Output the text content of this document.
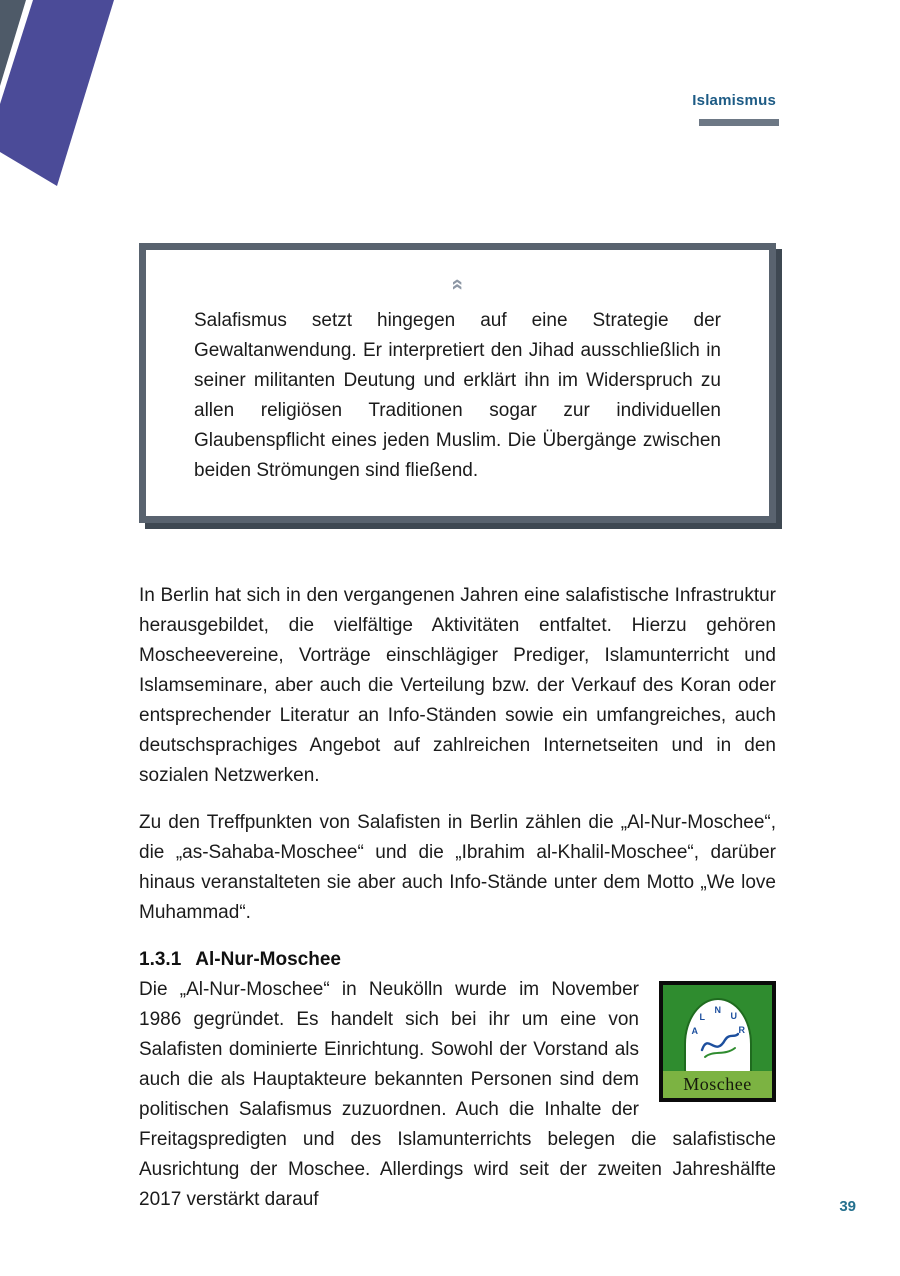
Islamismus
«

Salafismus setzt hingegen auf eine Strategie der Gewaltanwendung. Er interpretiert den Jihad ausschließlich in seiner militanten Deutung und erklärt ihn im Widerspruch zu allen religiösen Traditionen sogar zur individuellen Glaubenspflicht eines jeden Muslim. Die Übergänge zwischen beiden Strömungen sind fließend.

In Berlin hat sich in den vergangenen Jahren eine salafistische Infrastruktur herausgebildet, die vielfältige Aktivitäten entfaltet. Hierzu gehören Moscheevereine, Vorträge einschlägiger Prediger, Islamunterricht und Islamseminare, aber auch die Verteilung bzw. der Verkauf des Koran oder entsprechender Literatur an Info-Ständen sowie ein umfangreiches, auch deutschsprachiges Angebot auf zahlreichen Internetseiten und in den sozialen Netzwerken.

Zu den Treffpunkten von Salafisten in Berlin zählen die „Al-Nur-Moschee“, die „as-Sahaba-Moschee“ und die „Ibrahim al-Khalil-Moschee“, darüber hinaus veranstalteten sie aber auch Info-Stände unter dem Motto „We love Muhammad“.

1.3.1 Al-Nur-Moschee
A
L
N
U
R
Moschee

Die „Al-Nur-Moschee“ in Neukölln wurde im November 1986 gegründet. Es handelt sich bei ihr um eine von Salafisten dominierte Einrichtung. Sowohl der Vorstand als auch die als Hauptakteure bekannten Personen sind dem politischen Salafismus zuzuordnen. Auch die Inhalte der Freitagspredigten und des Islamunterrichts belegen die salafistische Ausrichtung der Moschee. Allerdings wird seit der zweiten Jahreshälfte 2017 verstärkt darauf	39
